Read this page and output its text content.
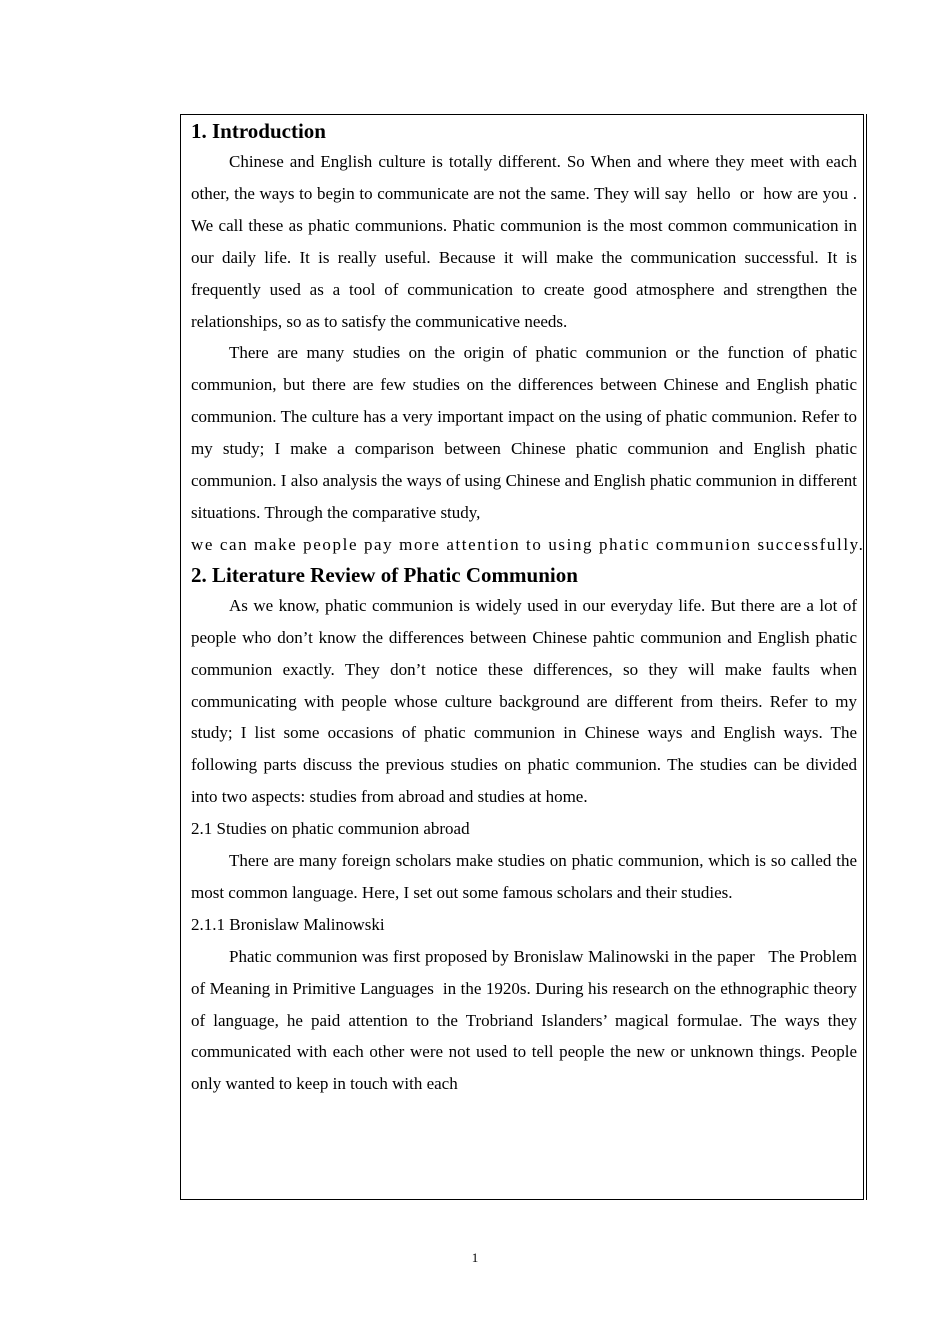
1. Introduction

Chinese and English culture is totally different. So When and where they meet with each other, the ways to begin to communicate are not the same. They will say  hello  or  how are you . We call these as phatic communions. Phatic communion is the most common communication in our daily life. It is really useful. Because it will make the communication successful. It is frequently used as a tool of communication to create good atmosphere and strengthen the relationships, so as to satisfy the communicative needs.

There are many studies on the origin of phatic communion or the function of phatic communion, but there are few studies on the differences between Chinese and English phatic communion. The culture has a very important impact on the using of phatic communion. Refer to my study; I make a comparison between Chinese phatic communion and English phatic communion. I also analysis the ways of using Chinese and English phatic communion in different situations. Through the comparative study,

we can make people pay more attention to using phatic communion successfully.
2. Literature Review of Phatic Communion

As we know, phatic communion is widely used in our everyday life. But there are a lot of people who don’t know the differences between Chinese pahtic communion and English phatic communion exactly. They don’t notice these differences, so they will make faults when communicating with people whose culture background are different from theirs. Refer to my study; I list some occasions of phatic communion in Chinese ways and English ways. The following parts discuss the previous studies on phatic communion. The studies can be divided into two aspects: studies from abroad and studies at home.

2.1 Studies on phatic communion abroad

There are many foreign scholars make studies on phatic communion, which is so called the most common language. Here, I set out some famous scholars and their studies.

2.1.1 Bronislaw Malinowski

Phatic communion was first proposed by Bronislaw Malinowski in the paper   The Problem of Meaning in Primitive Languages  in the 1920s. During his research on the ethnographic theory of language, he paid attention to the Trobriand Islanders’ magical formulae. The ways they communicated with each other were not used to tell people the new or unknown things. People only wanted to keep in touch with each

1
